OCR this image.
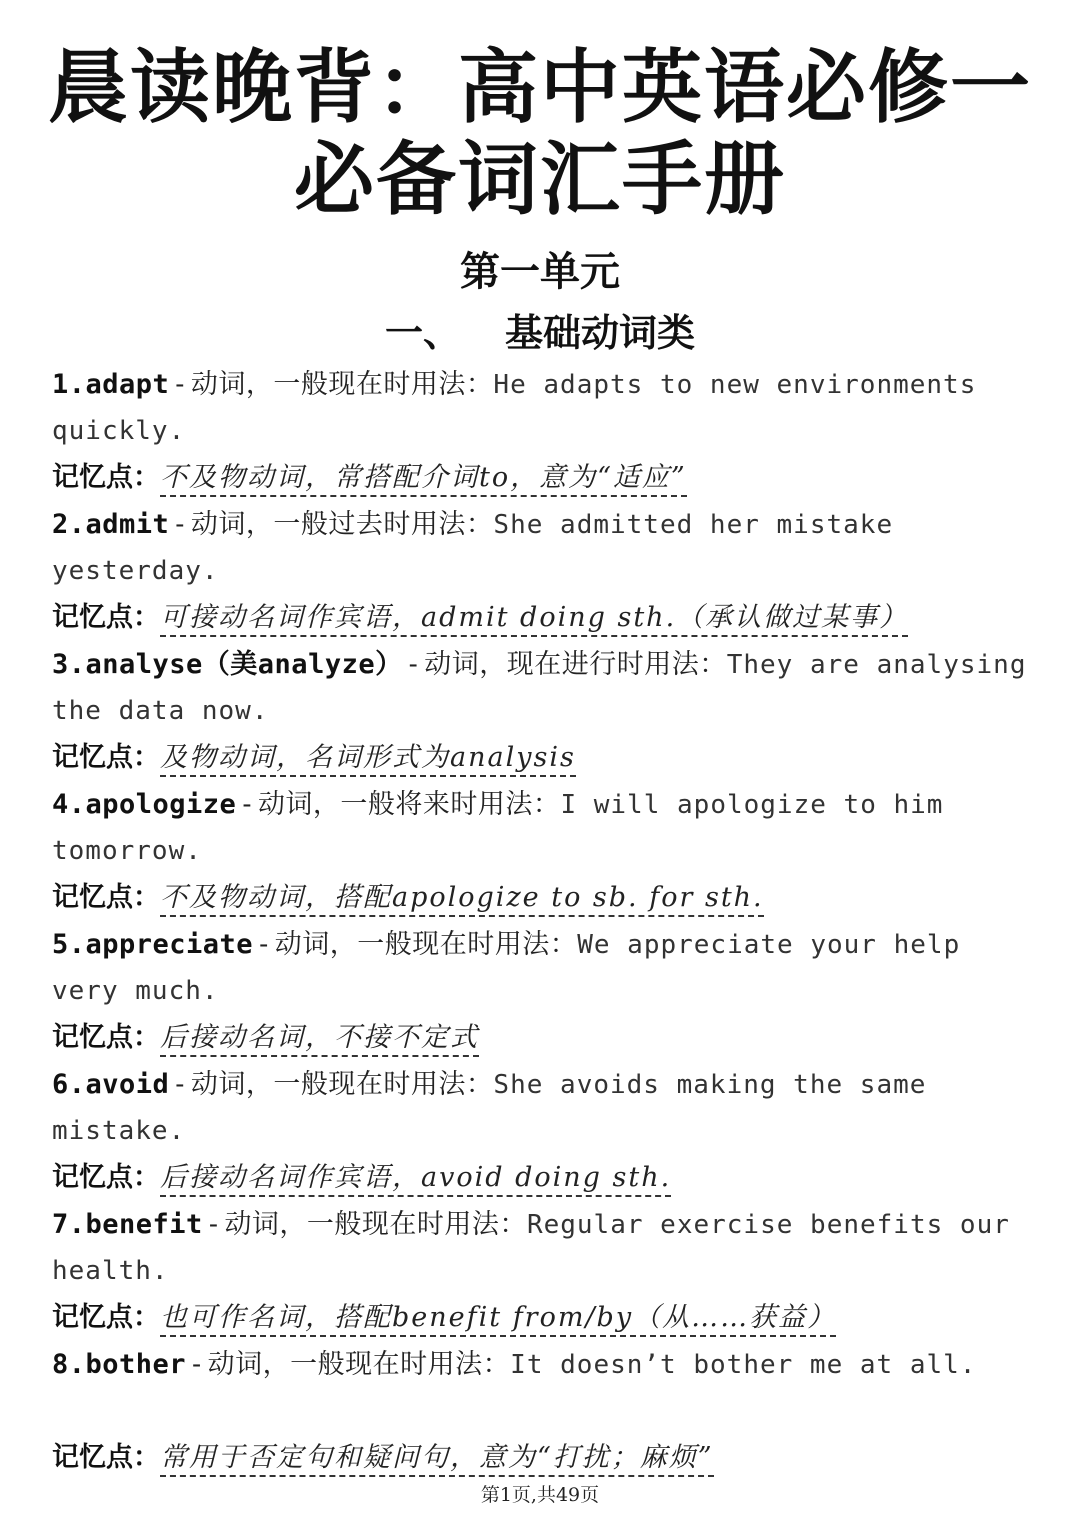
晨读晚背：高中英语必修一
必备词汇手册
第一单元
一、 基础动词类
1.adapt - 动词，一般现在时用法：He adapts to new environments quickly.
记忆点：不及物动词，常搭配介词to，意为“适应”
2.admit - 动词，一般过去时用法：She admitted her mistake yesterday.
记忆点：可接动名词作宾语，admit doing sth.（承认做过某事）
3.analyse（美analyze） - 动词，现在进行时用法：They are analysing the data now.
记忆点：及物动词，名词形式为analysis
4.apologize - 动词，一般将来时用法：I will apologize to him tomorrow.
记忆点：不及物动词，搭配apologize to sb. for sth.
5.appreciate - 动词，一般现在时用法：We appreciate your help very much.
记忆点：后接动名词，不接不定式
6.avoid - 动词，一般现在时用法：She avoids making the same mistake.
记忆点：后接动名词作宾语，avoid doing sth.
7.benefit - 动词，一般现在时用法：Regular exercise benefits our health.
记忆点：也可作名词，搭配benefit from/by（从……获益）
8.bother - 动词，一般现在时用法：It doesn’t bother me at all.
记忆点：常用于否定句和疑问句，意为“打扰；麻烦”
第1页,共49页
